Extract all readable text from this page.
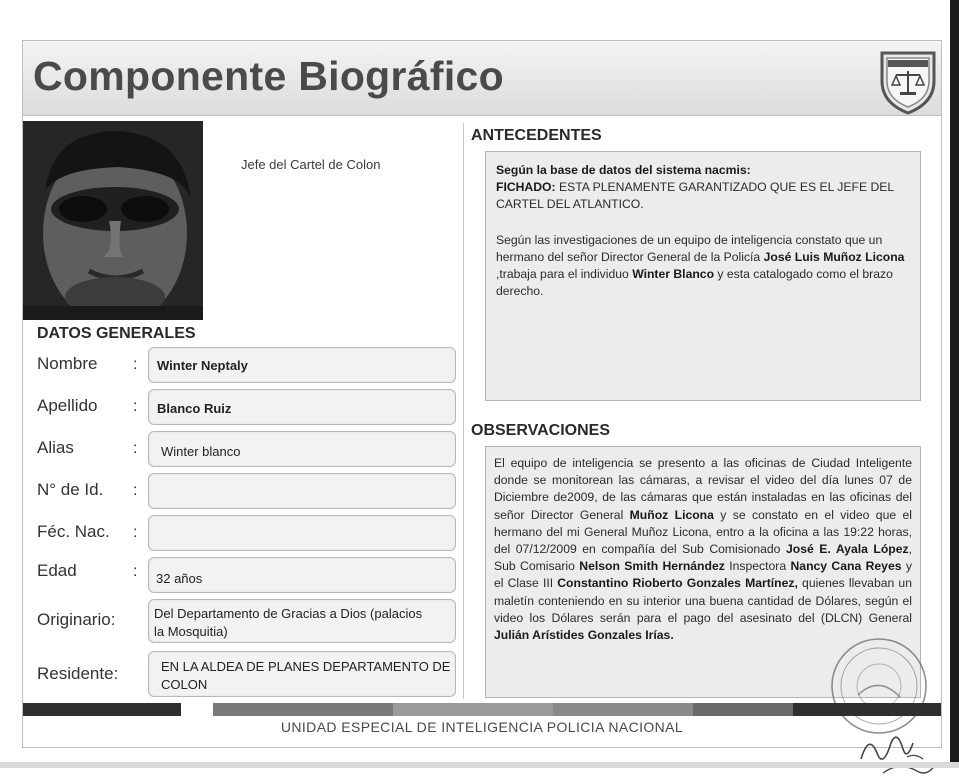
Componente Biográfico
Jefe del Cartel de Colon
DATOS GENERALES
Nombre	: Winter Neptaly
Apellido	: Blanco Ruiz
Alias	: Winter blanco
N° de Id.	:
Féc. Nac.	:
Edad	: 32 años
Originario:	Del Departamento de Gracias a Dios (palacios
la Mosquitia)
Residente:	EN LA ALDEA DE PLANES DEPARTAMENTO DE
COLON
ANTECEDENTES

Según la base de datos del sistema nacmis:

FICHADO: ESTA PLENAMENTE GARANTIZADO QUE ES EL JEFE DEL CARTEL DEL ATLANTICO.

Según las investigaciones de un equipo de inteligencia constato que un hermano del señor Director General de la Policía José Luis Muñoz Licona ,trabaja para el individuo Winter Blanco y esta catalogado como el brazo derecho.

OBSERVACIONES

El equipo de inteligencia se presento a las oficinas de Ciudad Inteligente donde se monitorean las cámaras, a revisar el video del día lunes 07 de Diciembre de2009, de las cámaras que están instaladas en las oficinas del señor Director General Muñoz Licona y se constato en el video que el hermano del mi General Muñoz Licona, entro a la oficina a las 19:22 horas, del 07/12/2009 en compañía del Sub Comisionado José E. Ayala López, Sub Comisario Nelson Smith Hernández Inspectora Nancy Cana Reyes y el Clase III Constantino Rioberto Gonzales Martínez, quienes llevaban un maletín conteniendo en su interior una buena cantidad de Dólares, según el video los Dólares serán para el pago del asesinato del (DLCN) General Julián Arístides Gonzales Irías.

UNIDAD ESPECIAL DE INTELIGENCIA POLICIA NACIONAL
